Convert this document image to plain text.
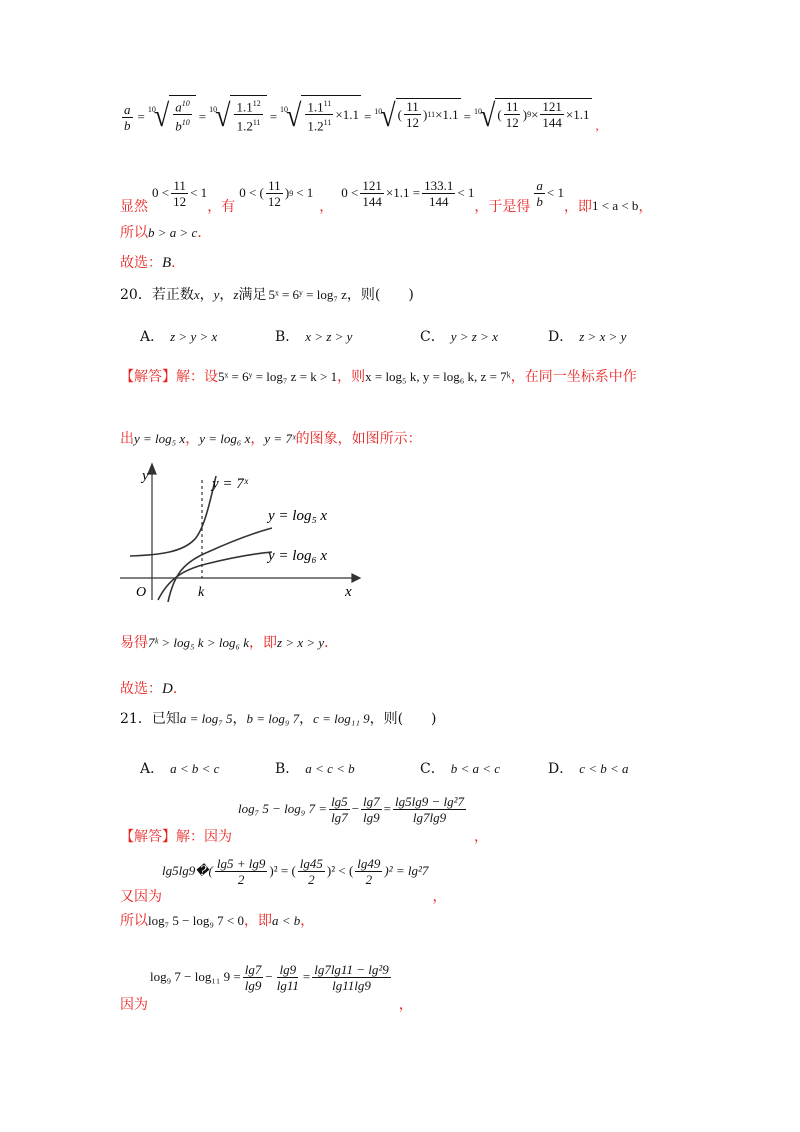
$\frac{a}{b} = 10$
√ $\frac{a^{10}}{b^{10}} = 10$
√ $\frac{1.1^{12}}{1.2^{11}} = 10$
√ $\frac{1.1^{11}}{1.2^{11}} \times 1.1 = 10$
√ ( $\frac{11}{12}$ ) 11 ×1.1 = 10
√ ( $\frac{11}{12}$ ) $9 \times \frac{121}{144} \times 1.1$
,
显然
$0 < \frac{11}{12} < 1$
，有
0 < ( $\frac{11}{12}$ ) 9 < 1
，
$0 < \frac{121}{144} \times 1.1 = \frac{133.1}{144} < 1$
，于是得 $\frac{a}{b} < 1$
，即 1 < a < b ，
所以b > a > c．
故选：B．
20．若正数x，y，z满足 5ˣ = 6ʸ = log₇ z，则(　　)
A． z > y > x	B． x > z > y	C． y > z > x	D． z > x > y
【解答】解：设5ˣ = 6ʸ = log₇ z = k > 1，则x = log₅ k, y = log₆ k, z = 7ᵏ，在同一坐标系中作
出y = log₅ x，y = log₆ x，y = 7ˣ的图象，如图所示：
y
x
O	k
y = 7ˣ
y = log₅ x
y = log₆ x
易得7ᵏ > log₅ k > log₆ k，即z > x > y．
故选：D．
21．已知a = log₇ 5，b = log₉ 7，c = log₁₁ 9，则(　　)
A． a < b < c	B． a < c < b	C． b < a < c	D． c < b < a
【解答】 解：因为
log₇ 5 − log₉ $7 = \frac{\lg 5}{\lg 7} - \frac{\lg 7}{\lg 9} = \frac{\text{lg5lg9 − lg²7}}{\lg 7\lg 9}$
，
又因为
lg5lg9�( $\frac{\lg 5 + \lg 9}{2} )^2$ = ( $\frac{\lg 45}{2} )^2$ < ( $\frac{\lg 49}{2} )^2 = \lg^27$
，
所以log₇ 5 − log₉ 7 < 0，即a < b，
因为
log₉ 7 − log₁₁ $9 = \frac{\lg 7}{\lg 9} - \frac{\lg 9}{\lg 11} = \frac{\text{lg7lg11 − lg²9}}{\lg 11\lg 9}$
，
